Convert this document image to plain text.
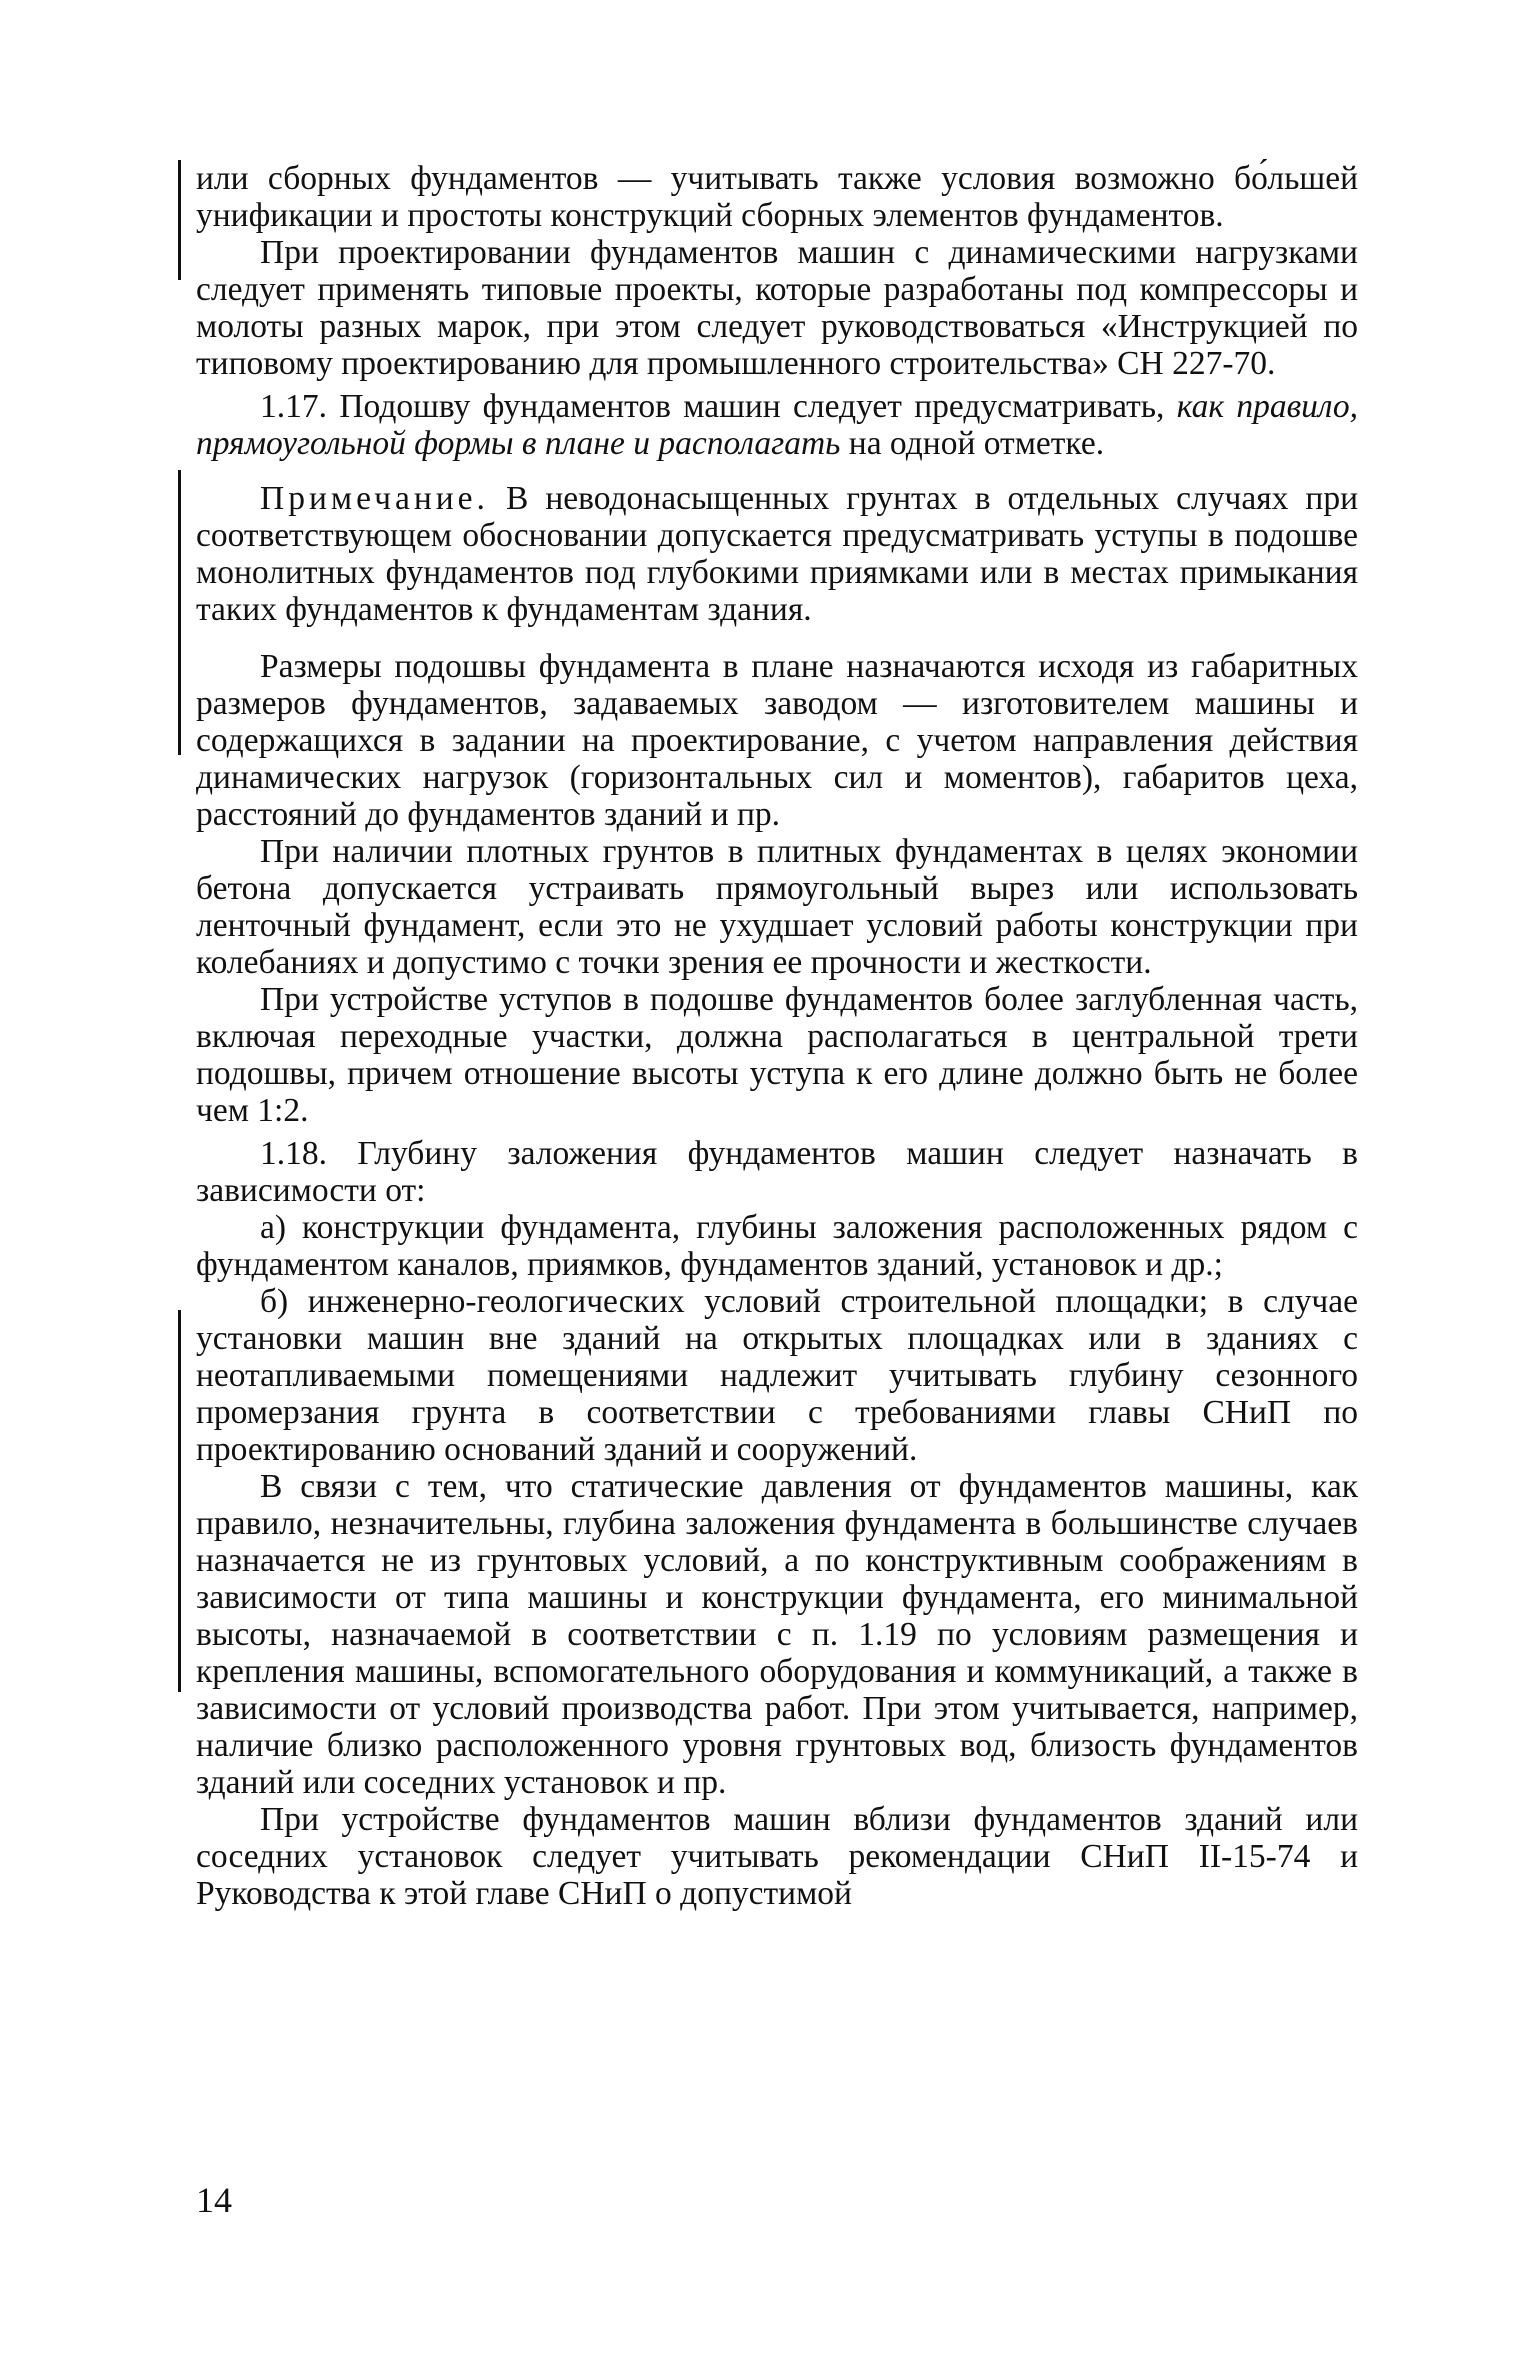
или сборных фундаментов — учитывать также условия возможно бо́льшей унификации и простоты конструкций сборных элементов фундаментов.

При проектировании фундаментов машин с динамическими нагрузками следует применять типовые проекты, которые разработаны под компрессоры и молоты разных марок, при этом следует руководствоваться «Инструкцией по типовому проектированию для промышленного строительства» СН 227-70.

1.17. Подошву фундаментов машин следует предусматривать, как правило, прямоугольной формы в плане и располагать на одной отметке.

Примечание. В неводонасыщенных грунтах в отдельных случаях при соответствующем обосновании допускается предусматривать уступы в подошве монолитных фундаментов под глубокими приямками или в местах примыкания таких фундаментов к фундаментам здания.

Размеры подошвы фундамента в плане назначаются исходя из габаритных размеров фундаментов, задаваемых заводом — изготовителем машины и содержащихся в задании на проектирование, с учетом направления действия динамических нагрузок (горизонтальных сил и моментов), габаритов цеха, расстояний до фундаментов зданий и пр.

При наличии плотных грунтов в плитных фундаментах в целях экономии бетона допускается устраивать прямоугольный вырез или использовать ленточный фундамент, если это не ухудшает условий работы конструкции при колебаниях и допустимо с точки зрения ее прочности и жесткости.

При устройстве уступов в подошве фундаментов более заглубленная часть, включая переходные участки, должна располагаться в центральной трети подошвы, причем отношение высоты уступа к его длине должно быть не более чем 1:2.

1.18. Глубину заложения фундаментов машин следует назначать в зависимости от:

а) конструкции фундамента, глубины заложения расположенных рядом с фундаментом каналов, приямков, фундаментов зданий, установок и др.;

б) инженерно-геологических условий строительной площадки; в случае установки машин вне зданий на открытых площадках или в зданиях с неотапливаемыми помещениями надлежит учитывать глубину сезонного промерзания грунта в соответствии с требованиями главы СНиП по проектированию оснований зданий и сооружений.

В связи с тем, что статические давления от фундаментов машины, как правило, незначительны, глубина заложения фундамента в большинстве случаев назначается не из грунтовых условий, а по конструктивным соображениям в зависимости от типа машины и конструкции фундамента, его минимальной высоты, назначаемой в соответствии с п. 1.19 по условиям размещения и крепления машины, вспомогательного оборудования и коммуникаций, а также в зависимости от условий производства работ. При этом учитывается, например, наличие близко расположенного уровня грунтовых вод, близость фундаментов зданий или соседних установок и пр.

При устройстве фундаментов машин вблизи фундаментов зданий или соседних установок следует учитывать рекомендации СНиП II-15-74 и Руководства к этой главе СНиП о допустимой

14
